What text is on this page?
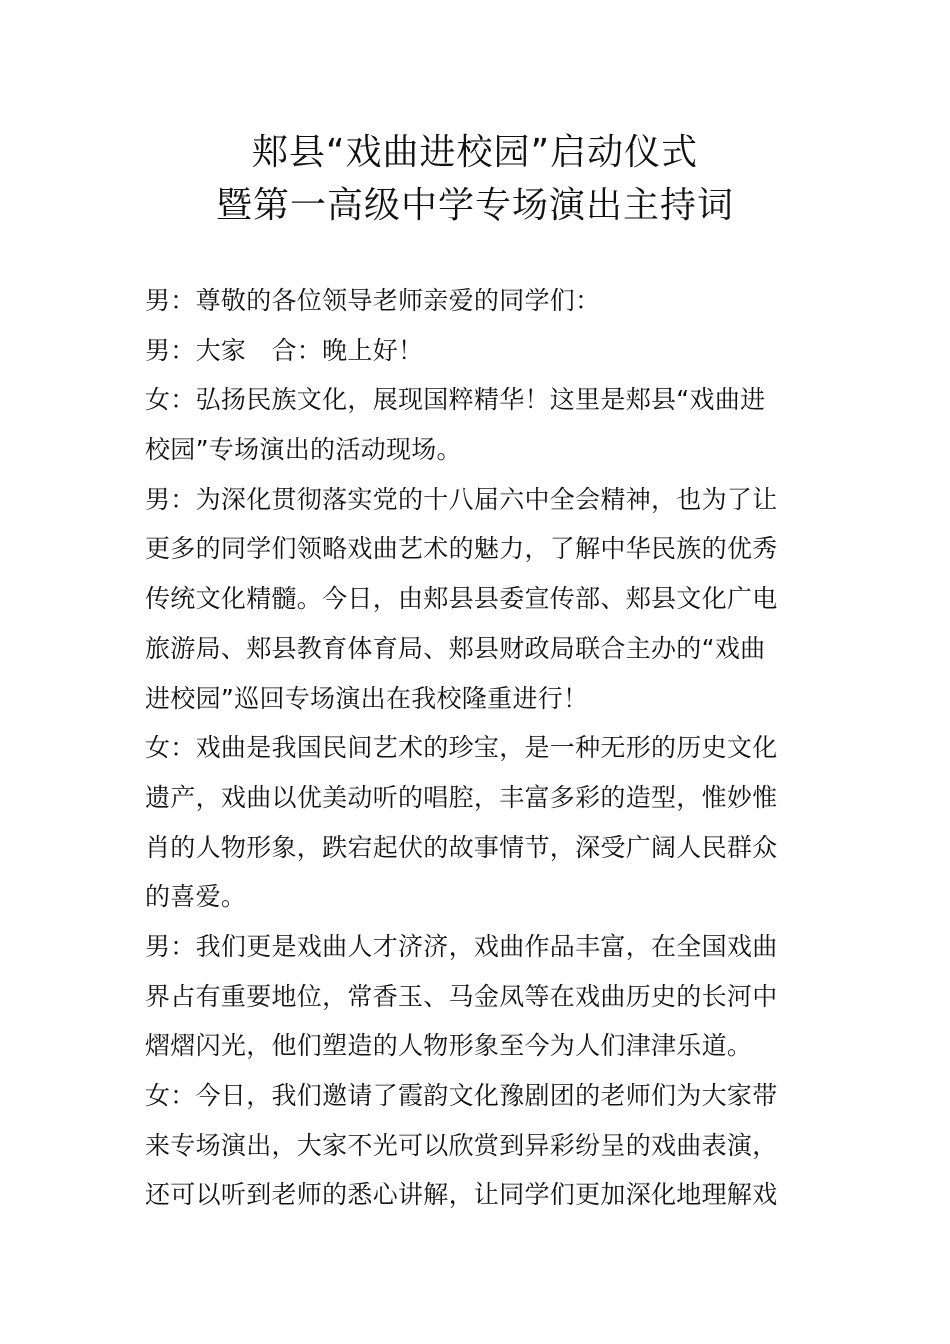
郏县“戏曲进校园”启动仪式
暨第一高级中学专场演出主持词
男：尊敬的各位领导老师亲爱的同学们：
男：大家　合：晚上好！
女：弘扬民族文化，展现国粹精华！这里是郏县“戏曲进
校园”专场演出的活动现场。
男：为深化贯彻落实党的十八届六中全会精神，也为了让
更多的同学们领略戏曲艺术的魅力，了解中华民族的优秀
传统文化精髓。今日，由郏县县委宣传部、郏县文化广电
旅游局、郏县教育体育局、郏县财政局联合主办的“戏曲
进校园”巡回专场演出在我校隆重进行！
女：戏曲是我国民间艺术的珍宝，是一种无形的历史文化
遗产，戏曲以优美动听的唱腔，丰富多彩的造型，惟妙惟
肖的人物形象，跌宕起伏的故事情节，深受广阔人民群众
的喜爱。
男：我们更是戏曲人才济济，戏曲作品丰富，在全国戏曲
界占有重要地位，常香玉、马金凤等在戏曲历史的长河中
熠熠闪光，他们塑造的人物形象至今为人们津津乐道。
女：今日，我们邀请了霞韵文化豫剧团的老师们为大家带
来专场演出，大家不光可以欣赏到异彩纷呈的戏曲表演，
还可以听到老师的悉心讲解，让同学们更加深化地理解戏
